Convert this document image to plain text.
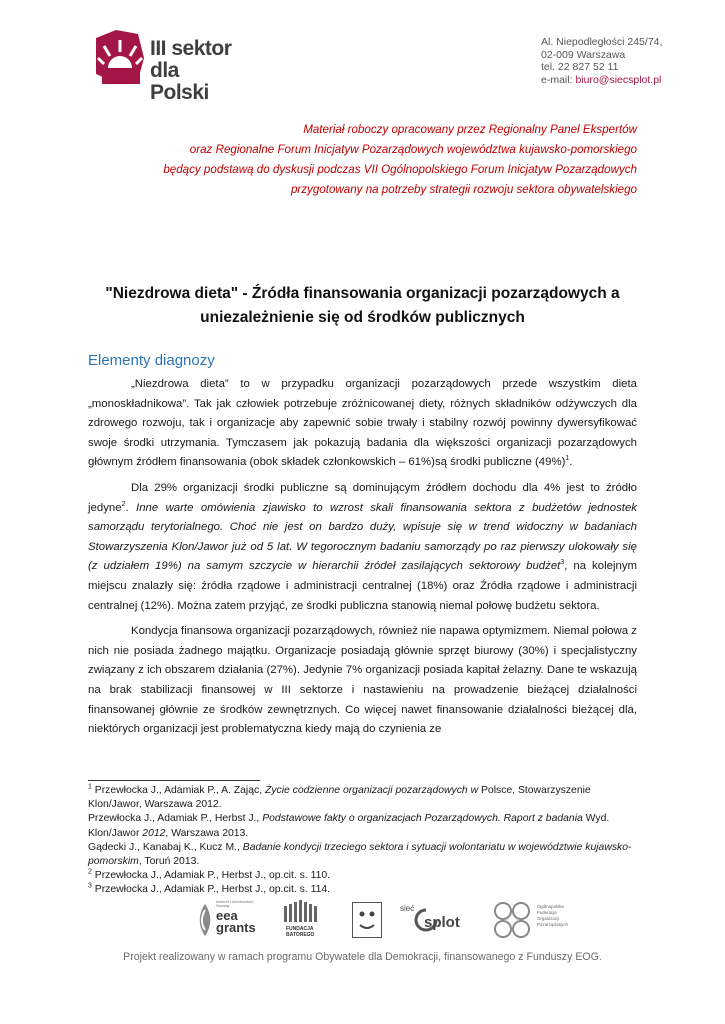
III sektor
dla Polski
Al. Niepodległości 245/74,
02-009 Warszawa
tel. 22 827 52 11
e-mail: biuro@siecsplot.pl
Materiał roboczy opracowany przez Regionalny Panel Ekspertów
oraz Regionalne Forum Inicjatyw Pozarządowych województwa kujawsko-pomorskiego
będący podstawą do dyskusji podczas VII Ogólnopolskiego Forum Inicjatyw Pozarządowych
przygotowany na potrzeby strategii rozwoju sektora obywatelskiego
"Niezdrowa dieta" - Źródła finansowania organizacji pozarządowych a
uniezależnienie się od środków publicznych
Elementy diagnozy

„Niezdrowa dieta” to w przypadku organizacji pozarządowych przede wszystkim dieta „monoskładnikowa”. Tak jak człowiek potrzebuje zróżnicowanej diety, różnych składników odżywczych dla zdrowego rozwoju, tak i organizacje aby zapewnić sobie trwały i stabilny rozwój powinny dywersyfikować swoje środki utrzymania. Tymczasem jak pokazują badania dla większości organizacji pozarządowych głównym źródłem finansowania (obok składek członkowskich – 61%)są środki publiczne $(49\%)^1$.

Dla 29% organizacji środki publiczne są dominującym źródłem dochodu dla 4% jest to źródło jedyne$^2$. Inne warte omówienia zjawisko to wzrost skali finansowania sektora z budżetów jednostek samorządu terytorialnego. Choć nie jest on bardzo duży, wpisuje się w trend widoczny w badaniach Stowarzyszenia Klon/Jawor już od 5 lat. W tegorocznym badaniu samorządy po raz pierwszy ulokowały się (z udziałem 19%) na samym szczycie w hierarchii źródeł zasilających sektorowy budżet$^3$, na kolejnym miejscu znalazły się: źródła rządowe i administracji centralnej (18%) oraz Źródła rządowe i administracji centralnej (12%). Można zatem przyjąć, ze środki publiczna stanowią niemal połowę budżetu sektora.

Kondycja finansowa organizacji pozarządowych, również nie napawa optymizmem. Niemal połowa z nich nie posiada żadnego majątku. Organizacje posiadają głównie sprzęt biurowy (30%) i specjalistyczny związany z ich obszarem działania (27%). Jedynie 7% organizacji posiada kapitał żelazny. Dane te wskazują na brak stabilizacji finansowej w III sektorze i nastawieniu na prowadzenie bieżącej działalności finansowanej głównie ze środków zewnętrznych. Co więcej nawet finansowanie działalności bieżącej dla, niektórych organizacji jest problematyczna kiedy mają do czynienia ze

$^1$ Przewłocka J., Adamiak P., A. Zając, Życie codzienne organizacji pozarządowych w Polsce, Stowarzyszenie Klon/Jawor, Warszawa 2012.

Przewłocka J., Adamiak P., Herbst J., Podstawowe fakty o organizacjach Pozarządowych. Raport z badania Wyd. Klon/Jawor 2012, Warszawa 2013.

Gądecki J., Kanabaj K., Kucz M., Badanie kondycji trzeciego sektora i sytuacji wolontariatu w województwie kujawsko-pomorskim, Toruń 2013.

$^2$ Przewłocka J., Adamiak P., Herbst J., op.cit. s. 110.

$^3$ Przewłocka J., Adamiak P., Herbst J., op.cit. s. 114.

Iceland Liechtenstein Norway
eea
grants	FUNDACJA
BATOREGO
sieć
splot
Ogólnopolska
Federacja
Organizacji
Pozarządowych
Projekt realizowany w ramach programu Obywatele dla Demokracji, finansowanego z Funduszy EOG.
